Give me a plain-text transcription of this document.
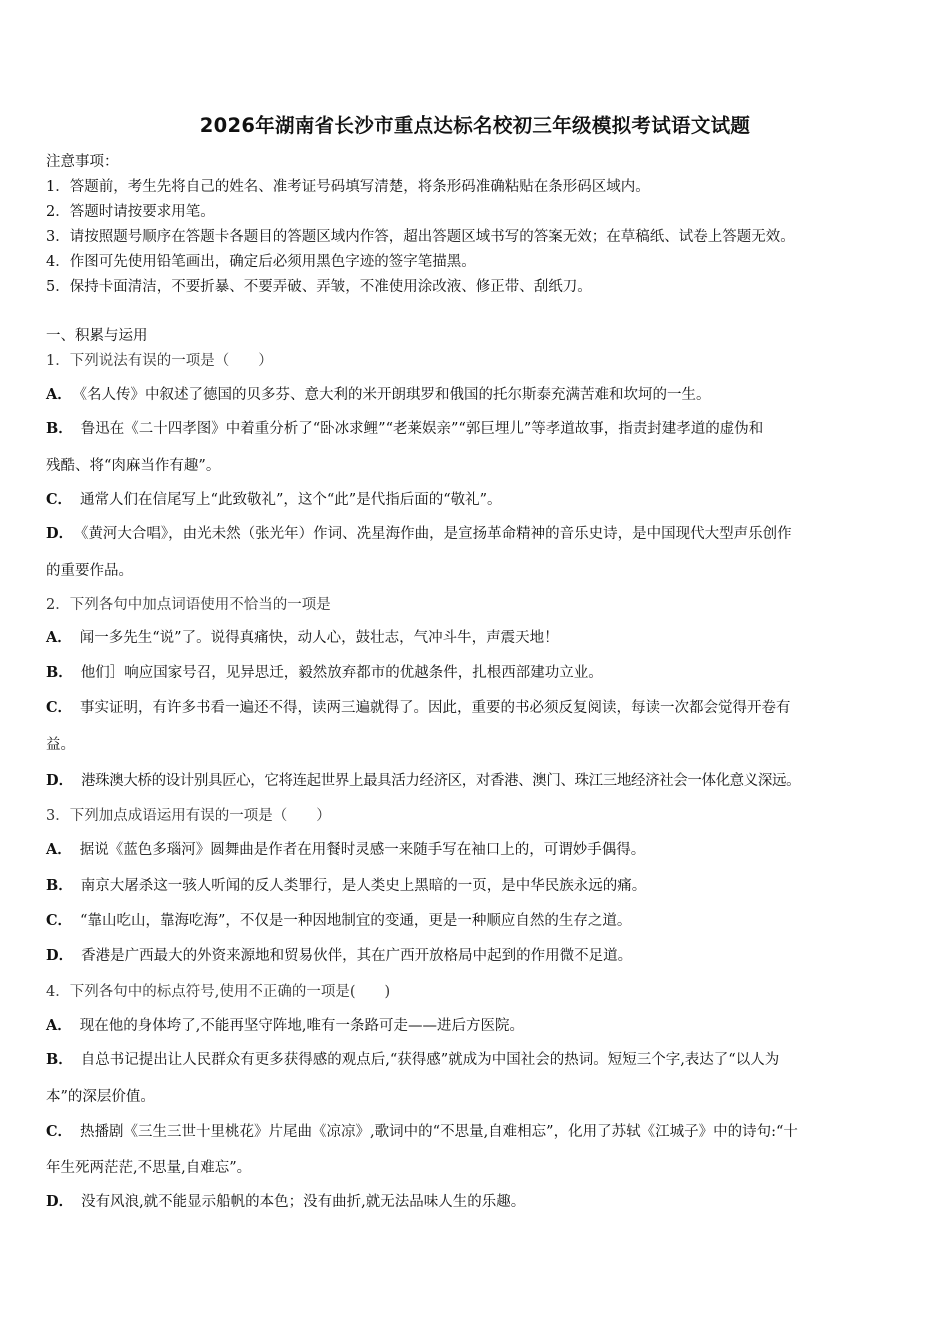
2026年湖南省长沙市重点达标名校初三年级模拟考试语文试题
注意事项：
1．答题前，考生先将自己的姓名、准考证号码填写清楚，将条形码准确粘贴在条形码区域内。
2．答题时请按要求用笔。
3．请按照题号顺序在答题卡各题目的答题区域内作答，超出答题区域书写的答案无效；在草稿纸、试卷上答题无效。
4．作图可先使用铅笔画出，确定后必须用黑色字迹的签字笔描黑。
5．保持卡面清洁，不要折暴、不要弄破、弄皱，不准使用涂改液、修正带、刮纸刀。
一、积累与运用
1．下列说法有误的一项是（　　）
A． 《名人传》中叙述了德国的贝多芬、意大利的米开朗琪罗和俄国的托尔斯泰充满苦难和坎坷的一生。
B． 鲁迅在《二十四孝图》中着重分析了“卧冰求鲤”“老莱娱亲”“郭巨埋儿”等孝道故事，指责封建孝道的虚伪和
残酷、将“肉麻当作有趣”。
C． 通常人们在信尾写上“此致敬礼”，这个“此”是代指后面的“敬礼”。
D． 《黄河大合唱》，由光未然（张光年）作词、冼星海作曲，是宣扬革命精神的音乐史诗，是中国现代大型声乐创作
的重要作品。
2．下列各句中加点词语使用不恰当的一项是
A． 闻一多先生“说”了。说得真痛快，动人心，鼓壮志，气冲斗牛，声震天地！
B． 他们］响应国家号召，见异思迁，毅然放弃都市的优越条件，扎根西部建功立业。
C． 事实证明，有许多书看一遍还不得，读两三遍就得了。因此，重要的书必须反复阅读，每读一次都会觉得开卷有
益。
D． 港珠澳大桥的设计别具匠心，它将连起世界上最具活力经济区，对香港、澳门、珠江三地经济社会一体化意义深远。
3．下列加点成语运用有误的一项是（　　）
A． 据说《蓝色多瑙河》圆舞曲是作者在用餐时灵感一来随手写在袖口上的，可谓妙手偶得。
B． 南京大屠杀这一骇人听闻的反人类罪行，是人类史上黑暗的一页，是中华民族永远的痛。
C． “靠山吃山，靠海吃海”，不仅是一种因地制宜的变通，更是一种顺应自然的生存之道。
D． 香港是广西最大的外资来源地和贸易伙伴，其在广西开放格局中起到的作用微不足道。
4．下列各句中的标点符号,使用不正确的一项是(　　)
A． 现在他的身体垮了,不能再坚守阵地,唯有一条路可走——进后方医院。
B． 自总书记提出让人民群众有更多获得感的观点后,“获得感”就成为中国社会的热词。短短三个字,表达了“以人为
本”的深层价值。
C． 热播剧《三生三世十里桃花》片尾曲《凉凉》,歌词中的“不思量,自难相忘”，化用了苏轼《江城子》中的诗句:“十
年生死两茫茫,不思量,自难忘”。
D． 没有风浪,就不能显示船帆的本色；没有曲折,就无法品味人生的乐趣。
